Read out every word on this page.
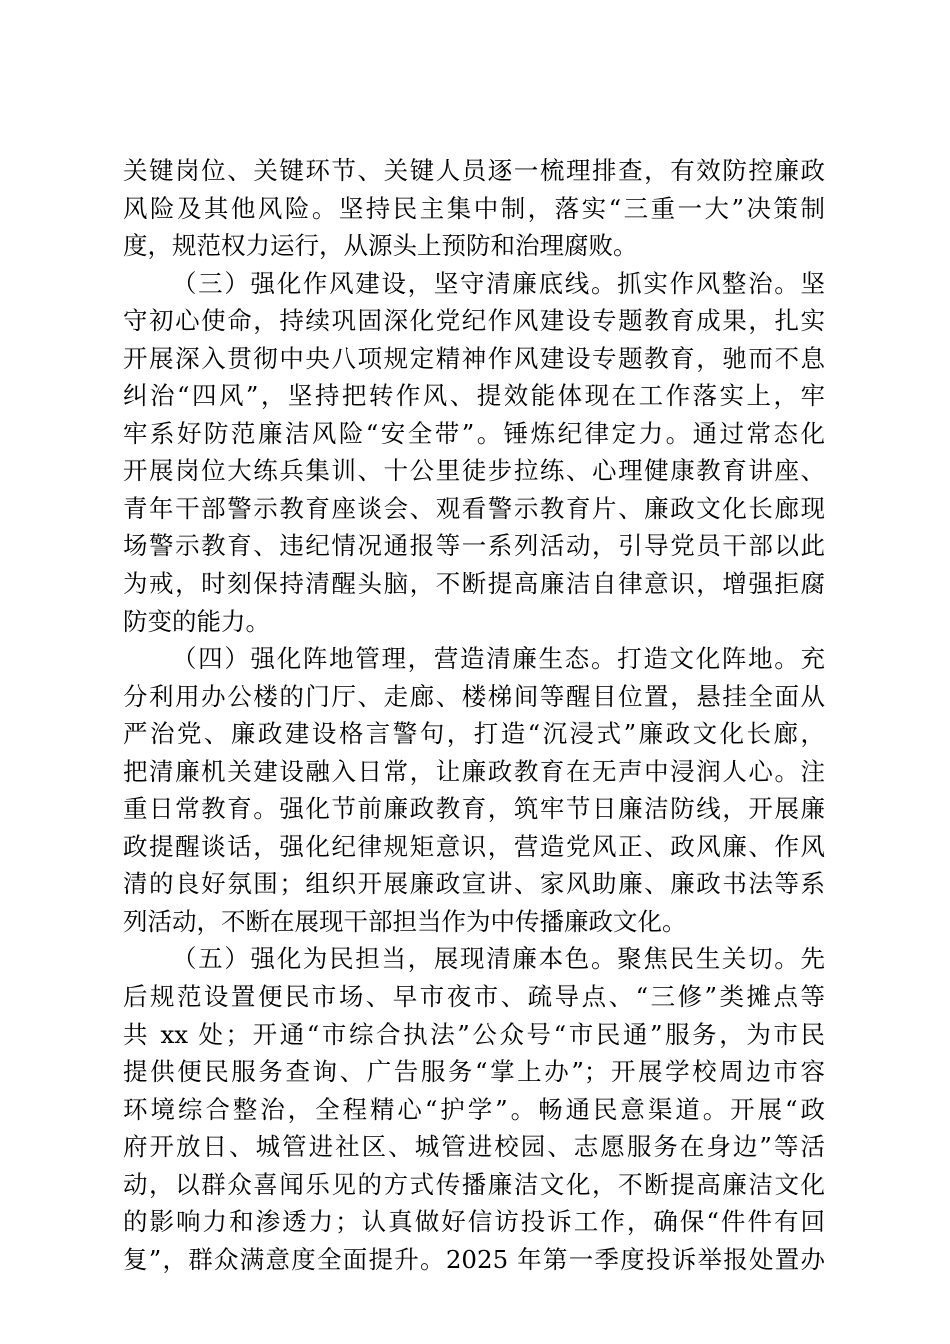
关键岗位、关键环节、关键人员逐一梳理排查，有效防控廉政
风险及其他风险。坚持民主集中制，落实“三重一大”决策制
度，规范权力运行，从源头上预防和治理腐败。
（三）强化作风建设，坚守清廉底线。抓实作风整治。坚
守初心使命，持续巩固深化党纪作风建设专题教育成果，扎实
开展深入贯彻中央八项规定精神作风建设专题教育，驰而不息
纠治“四风”，坚持把转作风、提效能体现在工作落实上，牢
牢系好防范廉洁风险“安全带”。锤炼纪律定力。通过常态化
开展岗位大练兵集训、十公里徒步拉练、心理健康教育讲座、
青年干部警示教育座谈会、观看警示教育片、廉政文化长廊现
场警示教育、违纪情况通报等一系列活动，引导党员干部以此
为戒，时刻保持清醒头脑，不断提高廉洁自律意识，增强拒腐
防变的能力。
（四）强化阵地管理，营造清廉生态。打造文化阵地。充
分利用办公楼的门厅、走廊、楼梯间等醒目位置，悬挂全面从
严治党、廉政建设格言警句，打造“沉浸式”廉政文化长廊，
把清廉机关建设融入日常，让廉政教育在无声中浸润人心。注
重日常教育。强化节前廉政教育，筑牢节日廉洁防线，开展廉
政提醒谈话，强化纪律规矩意识，营造党风正、政风廉、作风
清的良好氛围；组织开展廉政宣讲、家风助廉、廉政书法等系
列活动，不断在展现干部担当作为中传播廉政文化。
（五）强化为民担当，展现清廉本色。聚焦民生关切。先
后规范设置便民市场、早市夜市、疏导点、“三修”类摊点等
共 xx 处；开通“市综合执法”公众号“市民通”服务，为市民
提供便民服务查询、广告服务“掌上办”；开展学校周边市容
环境综合整治，全程精心“护学”。畅通民意渠道。开展“政
府开放日、城管进社区、城管进校园、志愿服务在身边”等活
动，以群众喜闻乐见的方式传播廉洁文化，不断提高廉洁文化
的影响力和渗透力；认真做好信访投诉工作，确保“件件有回
复”，群众满意度全面提升。2025 年第一季度投诉举报处置办
